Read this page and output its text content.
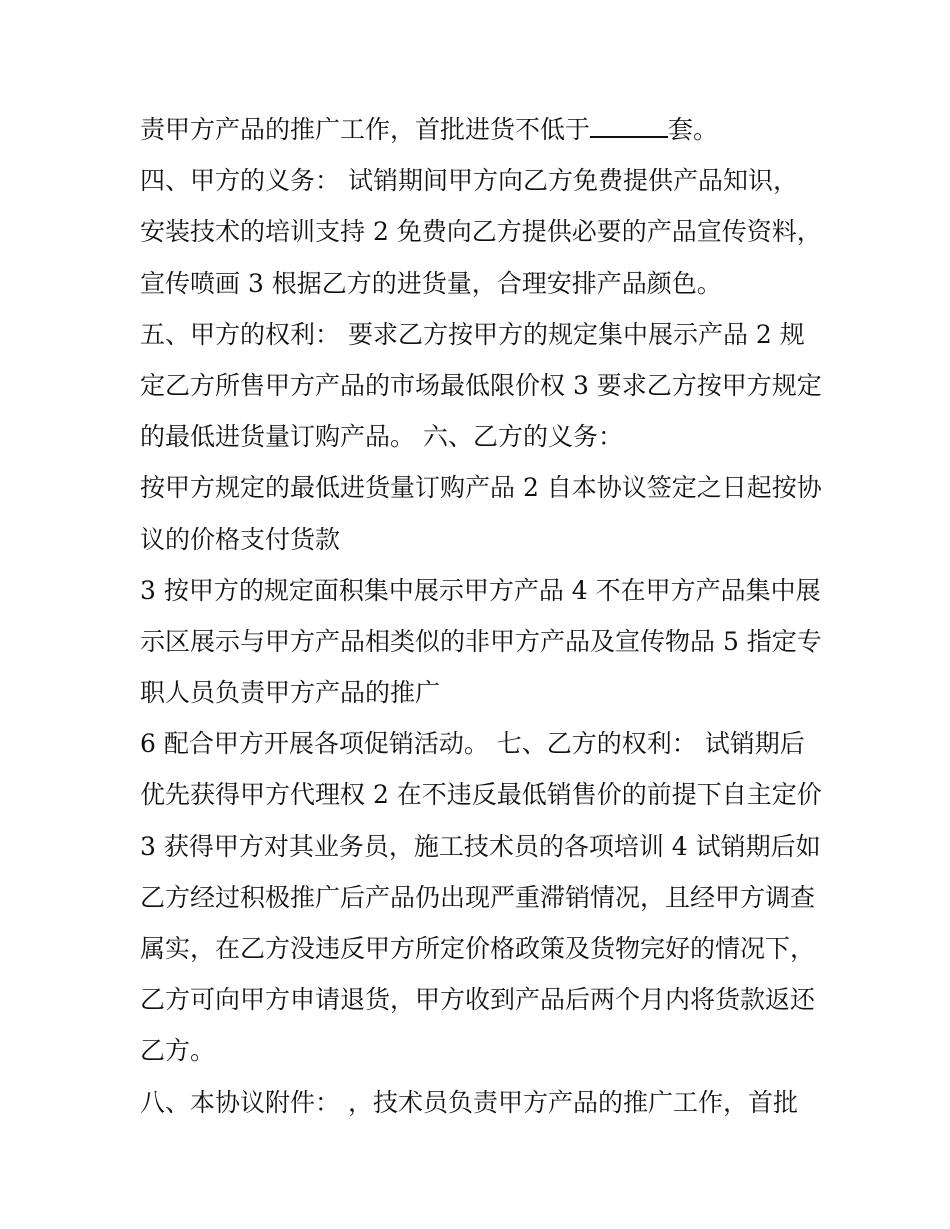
责甲方产品的推广工作，首批进货不低于	套。
四、甲方的义务： 试销期间甲方向乙方免费提供产品知识，
安装技术的培训支持 2 免费向乙方提供必要的产品宣传资料，
宣传喷画 3 根据乙方的进货量，合理安排产品颜色。
五、甲方的权利： 要求乙方按甲方的规定集中展示产品 2 规
定乙方所售甲方产品的市场最低限价权 3 要求乙方按甲方规定
的最低进货量订购产品。 六、乙方的义务：
按甲方规定的最低进货量订购产品 2 自本协议签定之日起按协
议的价格支付货款
3 按甲方的规定面积集中展示甲方产品 4 不在甲方产品集中展
示区展示与甲方产品相类似的非甲方产品及宣传物品 5 指定专
职人员负责甲方产品的推广
6 配合甲方开展各项促销活动。 七、乙方的权利： 试销期后
优先获得甲方代理权 2 在不违反最低销售价的前提下自主定价
3 获得甲方对其业务员，施工技术员的各项培训 4 试销期后如
乙方经过积极推广后产品仍出现严重滞销情况，且经甲方调查
属实，在乙方没违反甲方所定价格政策及货物完好的情况下，
乙方可向甲方申请退货，甲方收到产品后两个月内将货款返还
乙方。
八、本协议附件： ，技术员负责甲方产品的推广工作，首批
